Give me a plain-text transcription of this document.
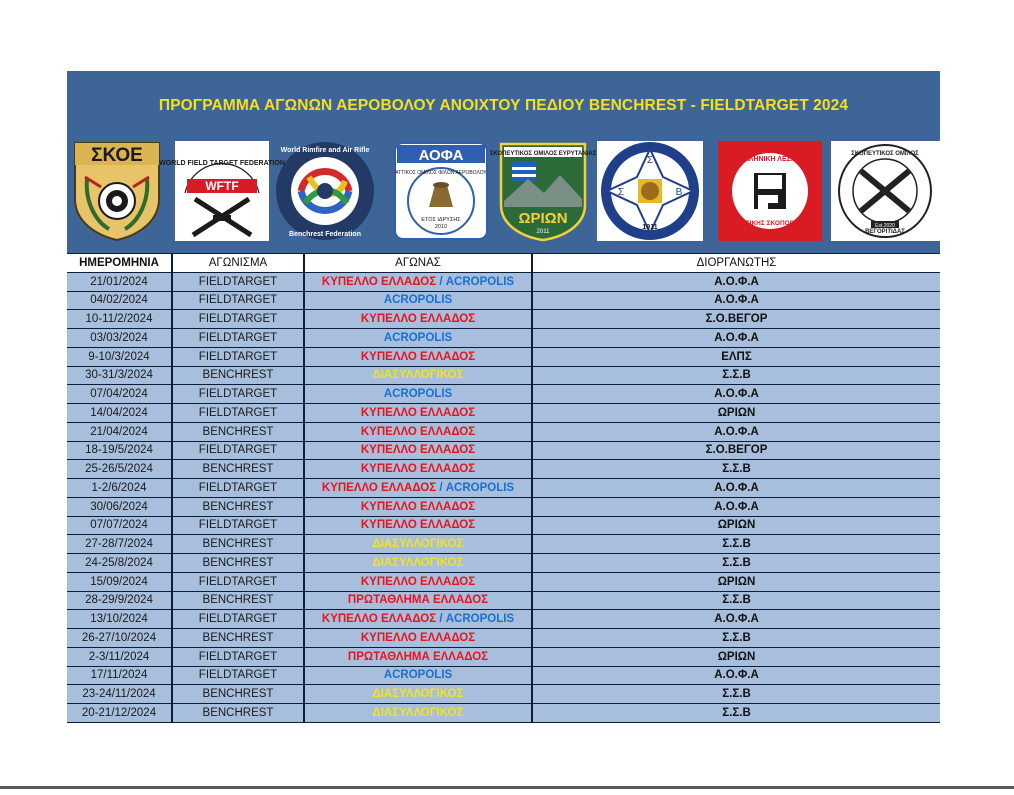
ΠΡΟΓΡΑΜΜΑ ΑΓΩΝΩΝ ΑΕΡΟΒΟΛΟΥ ΑΝΟΙΧΤΟΥ ΠΕΔΙΟΥ BENCHREST - FIELDTARGET 2024
ΣΚΟΕ WORLD FIELD TARGET FEDERATION
WFTF
World Rimfire and Air Rifle
Benchrest Federation
ΑΟΦΑ
ΕΤΟΣ ΙΔΡΥΣΗΣ
2010
ΑΤΤΙΚΟΣ ΟΜΙΛΟΣ ΦΙΛΩΝ ΑΕΡΟΒΟΛΟΥ
ΣΚΟΠΕΥΤΙΚΟΣ ΟΜΙΛΟΣ ΕΥΡΥΤΑΝΙΑΣ
ΩΡΙΩΝ
2011
Σ
Σ	Β
1911
ΕΛΛΗΝΙΚΗ ΛΕΣΧΗ
ΠΡΑΚΤΙΚΗΣ ΣΚΟΠΟΒΟΛΗΣ
ΣΚΟΠΕΥΤΙΚΟΣ ΟΜΙΛΟΣ
ΒΕΓΟΡΙΤΙΔΑΣ
Est.2020
ΗΜΕΡΟΜΗΝΙΑ	ΑΓΩΝΙΣΜΑ	ΑΓΩΝΑΣ	ΔΙΟΡΓΑΝΩΤΗΣ
21/01/2024	FIELDTARGET	ΚΥΠΕΛΛΟ ΕΛΛΑΔΟΣ / ACROPOLIS	Α.Ο.Φ.Α
04/02/2024	FIELDTARGET	ACROPOLIS	Α.Ο.Φ.Α
10-11/2/2024	FIELDTARGET	ΚΥΠΕΛΛΟ ΕΛΛΑΔΟΣ	Σ.Ο.ΒΕΓΟΡ
03/03/2024	FIELDTARGET	ACROPOLIS	Α.Ο.Φ.Α
9-10/3/2024	FIELDTARGET	ΚΥΠΕΛΛΟ ΕΛΛΑΔΟΣ	ΕΛΠΣ
30-31/3/2024	BENCHREST	ΔΙΑΣΥΛΛΟΓΙΚΟΣ	Σ.Σ.Β
07/04/2024	FIELDTARGET	ACROPOLIS	Α.Ο.Φ.Α
14/04/2024	FIELDTARGET	ΚΥΠΕΛΛΟ ΕΛΛΑΔΟΣ	ΩΡΙΩΝ
21/04/2024	BENCHREST	ΚΥΠΕΛΛΟ ΕΛΛΑΔΟΣ	Α.Ο.Φ.Α
18-19/5/2024	FIELDTARGET	ΚΥΠΕΛΛΟ ΕΛΛΑΔΟΣ	Σ.Ο.ΒΕΓΟΡ
25-26/5/2024	BENCHREST	ΚΥΠΕΛΛΟ ΕΛΛΑΔΟΣ	Σ.Σ.Β
1-2/6/2024	FIELDTARGET	ΚΥΠΕΛΛΟ ΕΛΛΑΔΟΣ / ACROPOLIS	Α.Ο.Φ.Α
30/06/2024	BENCHREST	ΚΥΠΕΛΛΟ ΕΛΛΑΔΟΣ	Α.Ο.Φ.Α
07/07/2024	FIELDTARGET	ΚΥΠΕΛΛΟ ΕΛΛΑΔΟΣ	ΩΡΙΩΝ
27-28/7/2024	BENCHREST	ΔΙΑΣΥΛΛΟΓΙΚΟΣ	Σ.Σ.Β
24-25/8/2024	BENCHREST	ΔΙΑΣΥΛΛΟΓΙΚΟΣ	Σ.Σ.Β
15/09/2024	FIELDTARGET	ΚΥΠΕΛΛΟ ΕΛΛΑΔΟΣ	ΩΡΙΩΝ
28-29/9/2024	BENCHREST	ΠΡΩΤΑΘΛΗΜΑ ΕΛΛΑΔΟΣ	Σ.Σ.Β
13/10/2024	FIELDTARGET	ΚΥΠΕΛΛΟ ΕΛΛΑΔΟΣ / ACROPOLIS	Α.Ο.Φ.Α
26-27/10/2024	BENCHREST	ΚΥΠΕΛΛΟ ΕΛΛΑΔΟΣ	Σ.Σ.Β
2-3/11/2024	FIELDTARGET	ΠΡΩΤΑΘΛΗΜΑ ΕΛΛΑΔΟΣ	ΩΡΙΩΝ
17/11/2024	FIELDTARGET	ACROPOLIS	Α.Ο.Φ.Α
23-24/11/2024	BENCHREST	ΔΙΑΣΥΛΛΟΓΙΚΟΣ	Σ.Σ.Β
20-21/12/2024	BENCHREST	ΔΙΑΣΥΛΛΟΓΙΚΟΣ	Σ.Σ.Β
